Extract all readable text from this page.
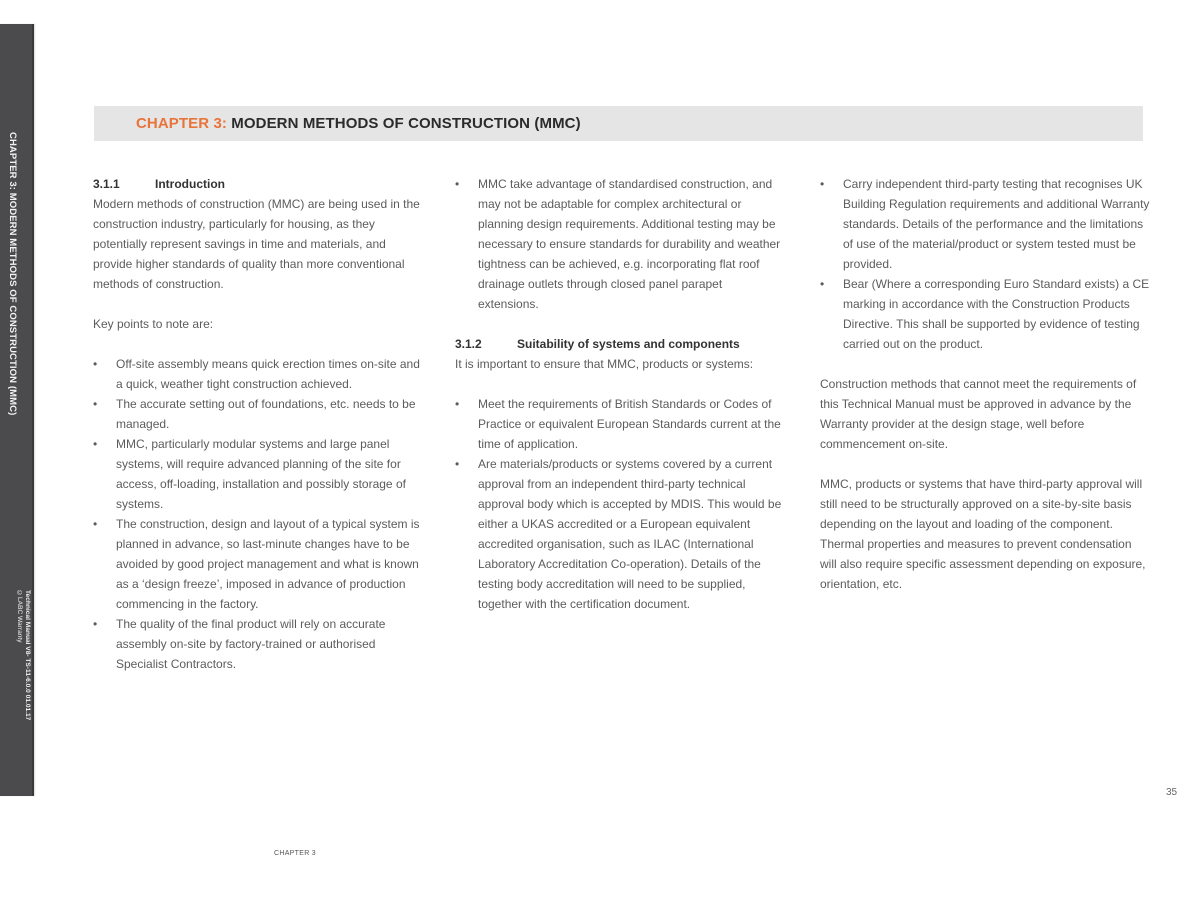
CHAPTER 3: MODERN METHODS OF CONSTRUCTION (MMC)
Technical Manual V8- TS-11-6.0.0 01.01.17
©LABC Warranty
CHAPTER 3: MODERN METHODS OF CONSTRUCTION (MMC)
3.1.1	Introduction

Modern methods of construction (MMC) are being used in the construction industry, particularly for housing, as they potentially represent savings in time and materials, and provide higher standards of quality than more conventional methods of construction.

Key points to note are:

• Off-site assembly means quick erection times on-site and a quick, weather tight construction achieved.
• The accurate setting out of foundations, etc. needs to be managed.
• MMC, particularly modular systems and large panel systems, will require advanced planning of the site for access, off-loading, installation and possibly storage of systems.
• The construction, design and layout of a typical system is planned in advance, so last-minute changes have to be avoided by good project management and what is known as a ‘design freeze’, imposed in advance of production commencing in the factory.
• The quality of the final product will rely on accurate assembly on-site by factory-trained or authorised Specialist Contractors.
• MMC take advantage of standardised construction, and may not be adaptable for complex architectural or planning design requirements. Additional testing may be necessary to ensure standards for durability and weather tightness can be achieved, e.g. incorporating flat roof drainage outlets through closed panel parapet extensions.
3.1.2	Suitability of systems and components

It is important to ensure that MMC, products or systems:

• Meet the requirements of British Standards or Codes of Practice or equivalent European Standards current at the time of application.
• Are materials/products or systems covered by a current approval from an independent third-party technical approval body which is accepted by MDIS. This would be either a UKAS accredited or a European equivalent accredited organisation, such as ILAC (International Laboratory Accreditation Co-operation). Details of the testing body accreditation will need to be supplied, together with the certification document.
• Carry independent third-party testing that recognises UK Building Regulation requirements and additional Warranty standards. Details of the performance and the limitations of use of the material/product or system tested must be provided.
• Bear (Where a corresponding Euro Standard exists) a CE marking in accordance with the Construction Products Directive. This shall be supported by evidence of testing carried out on the product.

Construction methods that cannot meet the requirements of this Technical Manual must be approved in advance by the Warranty provider at the design stage, well before commencement on-site.

MMC, products or systems that have third-party approval will still need to be structurally approved on a site-by-site basis depending on the layout and loading of the component. Thermal properties and measures to prevent condensation will also require specific assessment depending on exposure, orientation, etc.

35
CHAPTER 3
